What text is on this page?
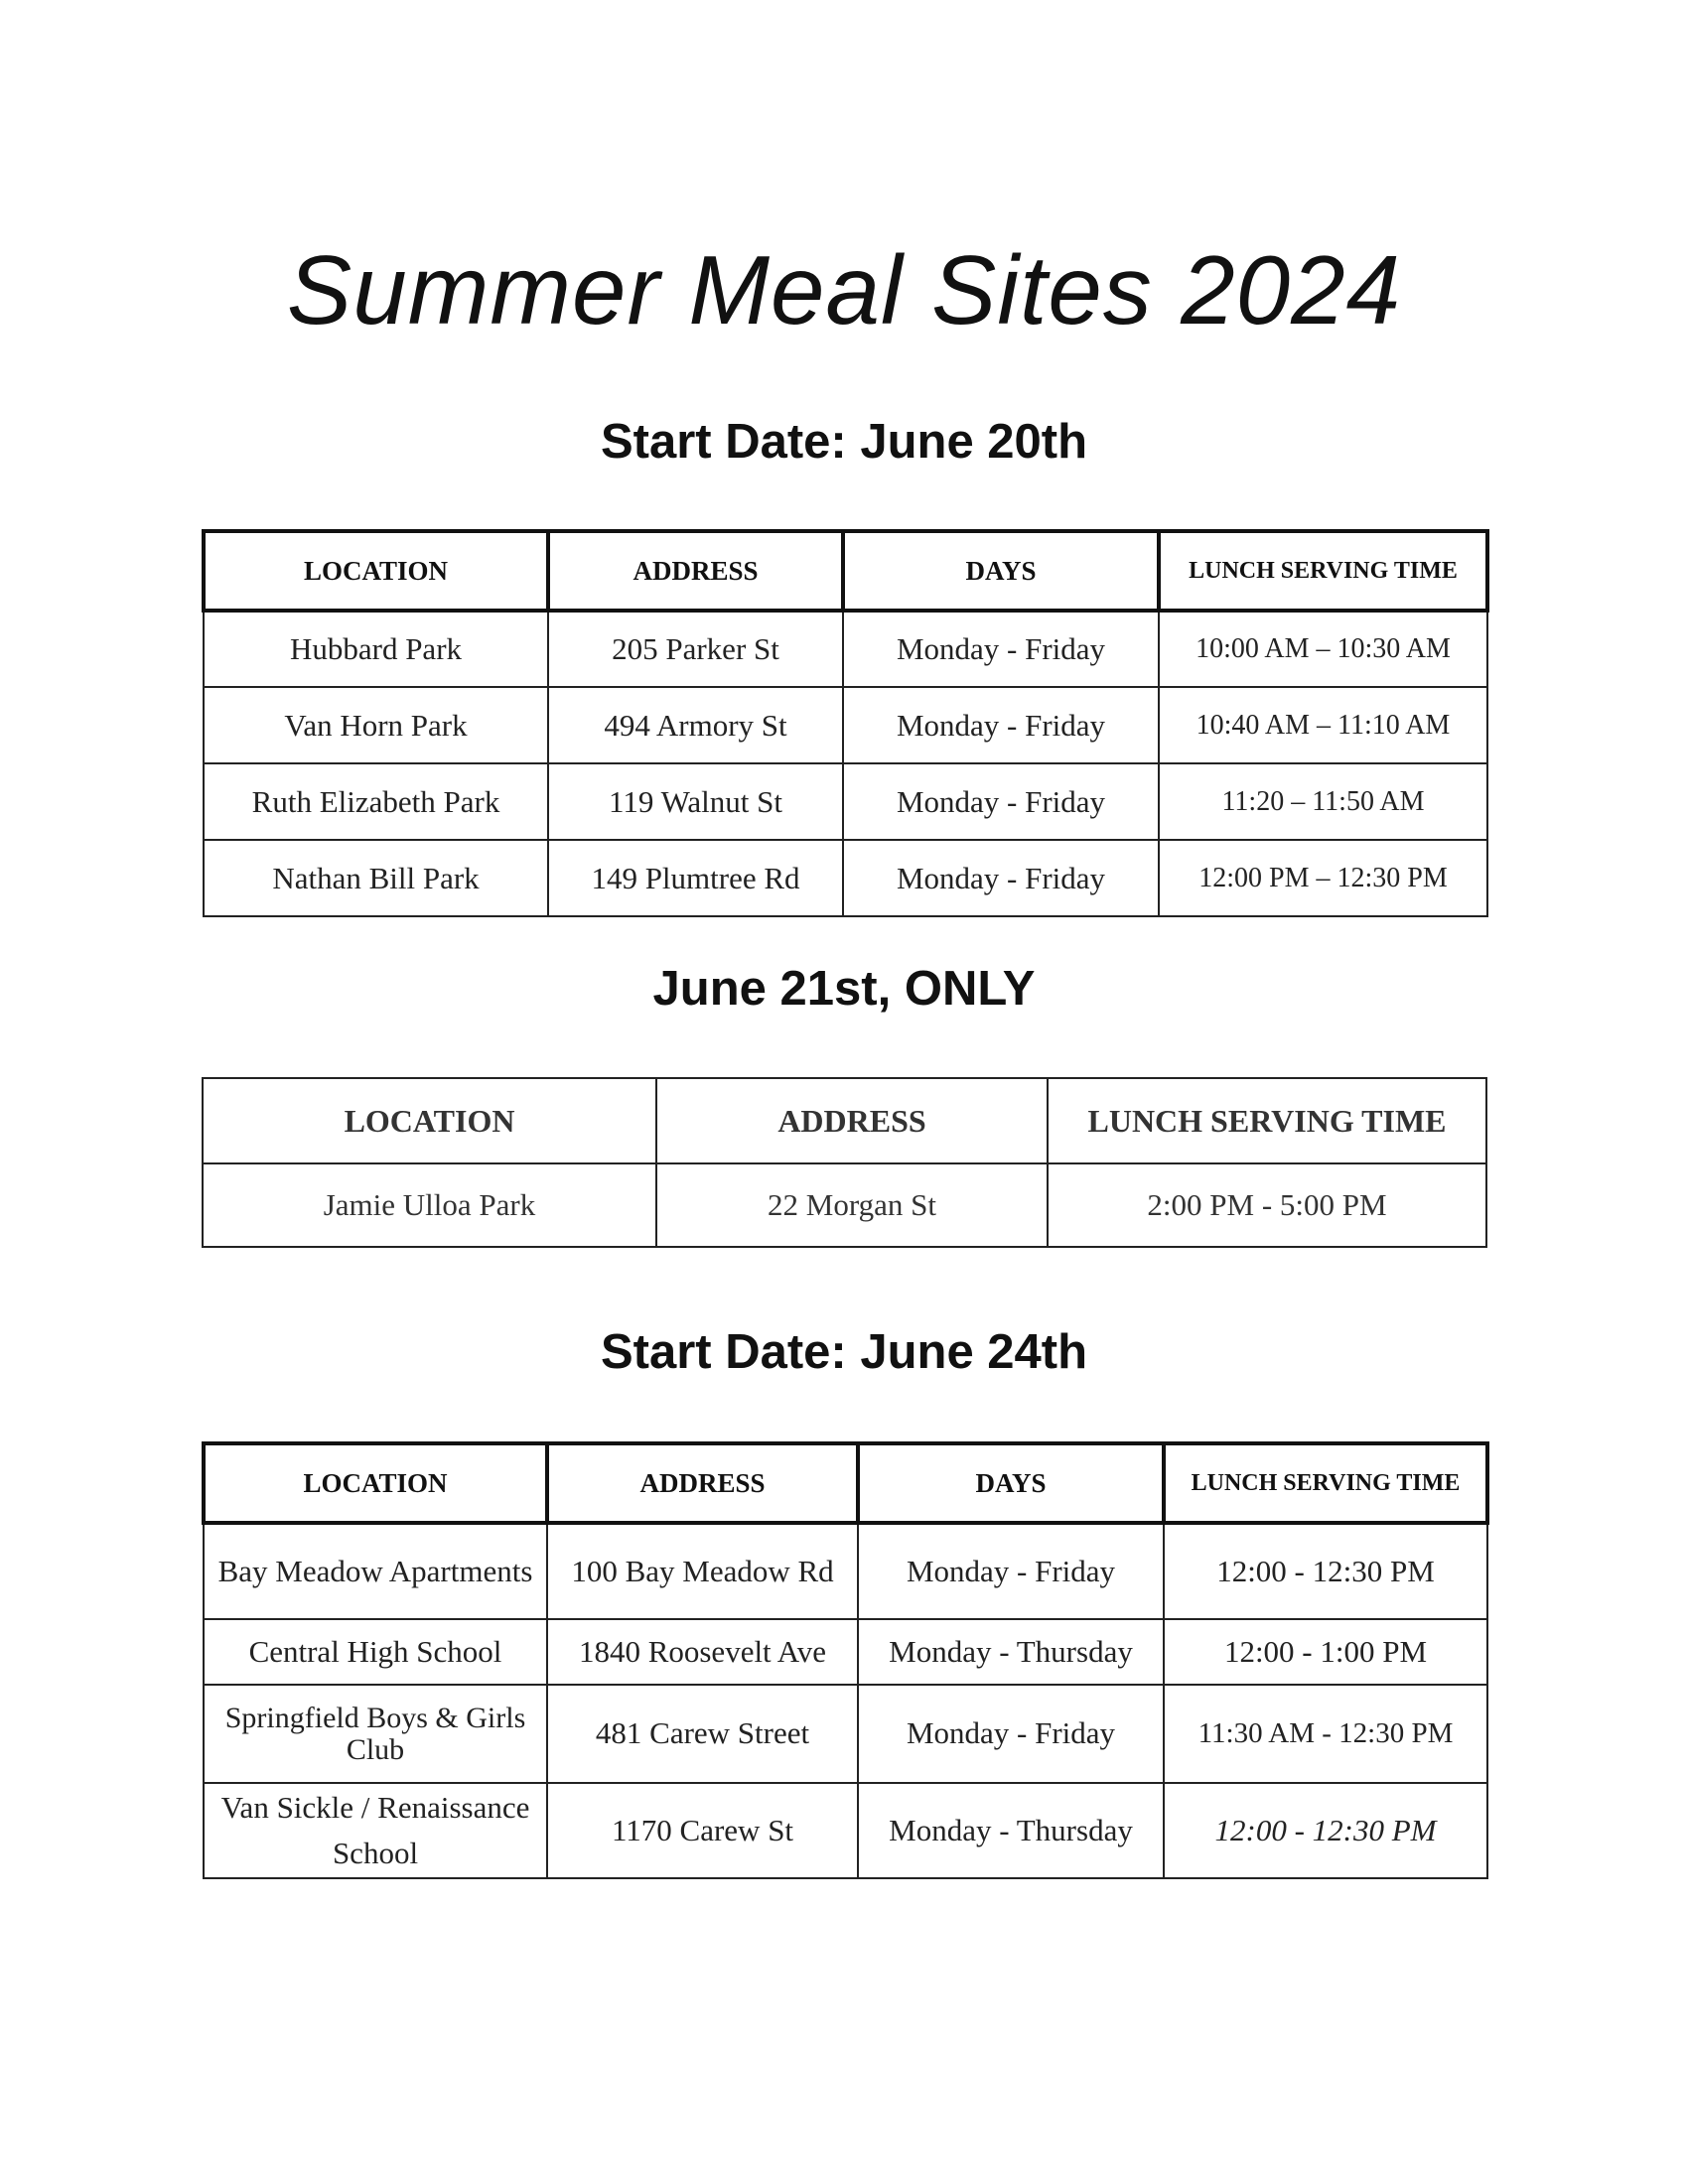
Summer Meal Sites 2024
Start Date: June 20th
LOCATION	ADDRESS	DAYS	LUNCH SERVING TIME
Hubbard Park	205 Parker St	Monday - Friday	10:00 AM – 10:30 AM
Van Horn Park	494 Armory St	Monday - Friday	10:40 AM – 11:10 AM
Ruth Elizabeth Park	119 Walnut St	Monday - Friday	11:20 – 11:50 AM
Nathan Bill Park	149 Plumtree Rd	Monday - Friday	12:00 PM – 12:30 PM
June 21st, ONLY
LOCATION	ADDRESS	LUNCH SERVING TIME
Jamie Ulloa Park	22 Morgan St	2:00 PM - 5:00 PM
Start Date: June 24th
LOCATION	ADDRESS	DAYS	LUNCH SERVING TIME
Bay Meadow Apartments	100 Bay Meadow Rd	Monday - Friday	12:00 - 12:30 PM
Central High School	1840 Roosevelt Ave	Monday - Thursday	12:00 - 1:00 PM
Springfield Boys & Girls Club	481 Carew Street	Monday - Friday	11:30 AM - 12:30 PM
Van Sickle / Renaissance School	1170 Carew St	Monday - Thursday	12:00 - 12:30 PM
